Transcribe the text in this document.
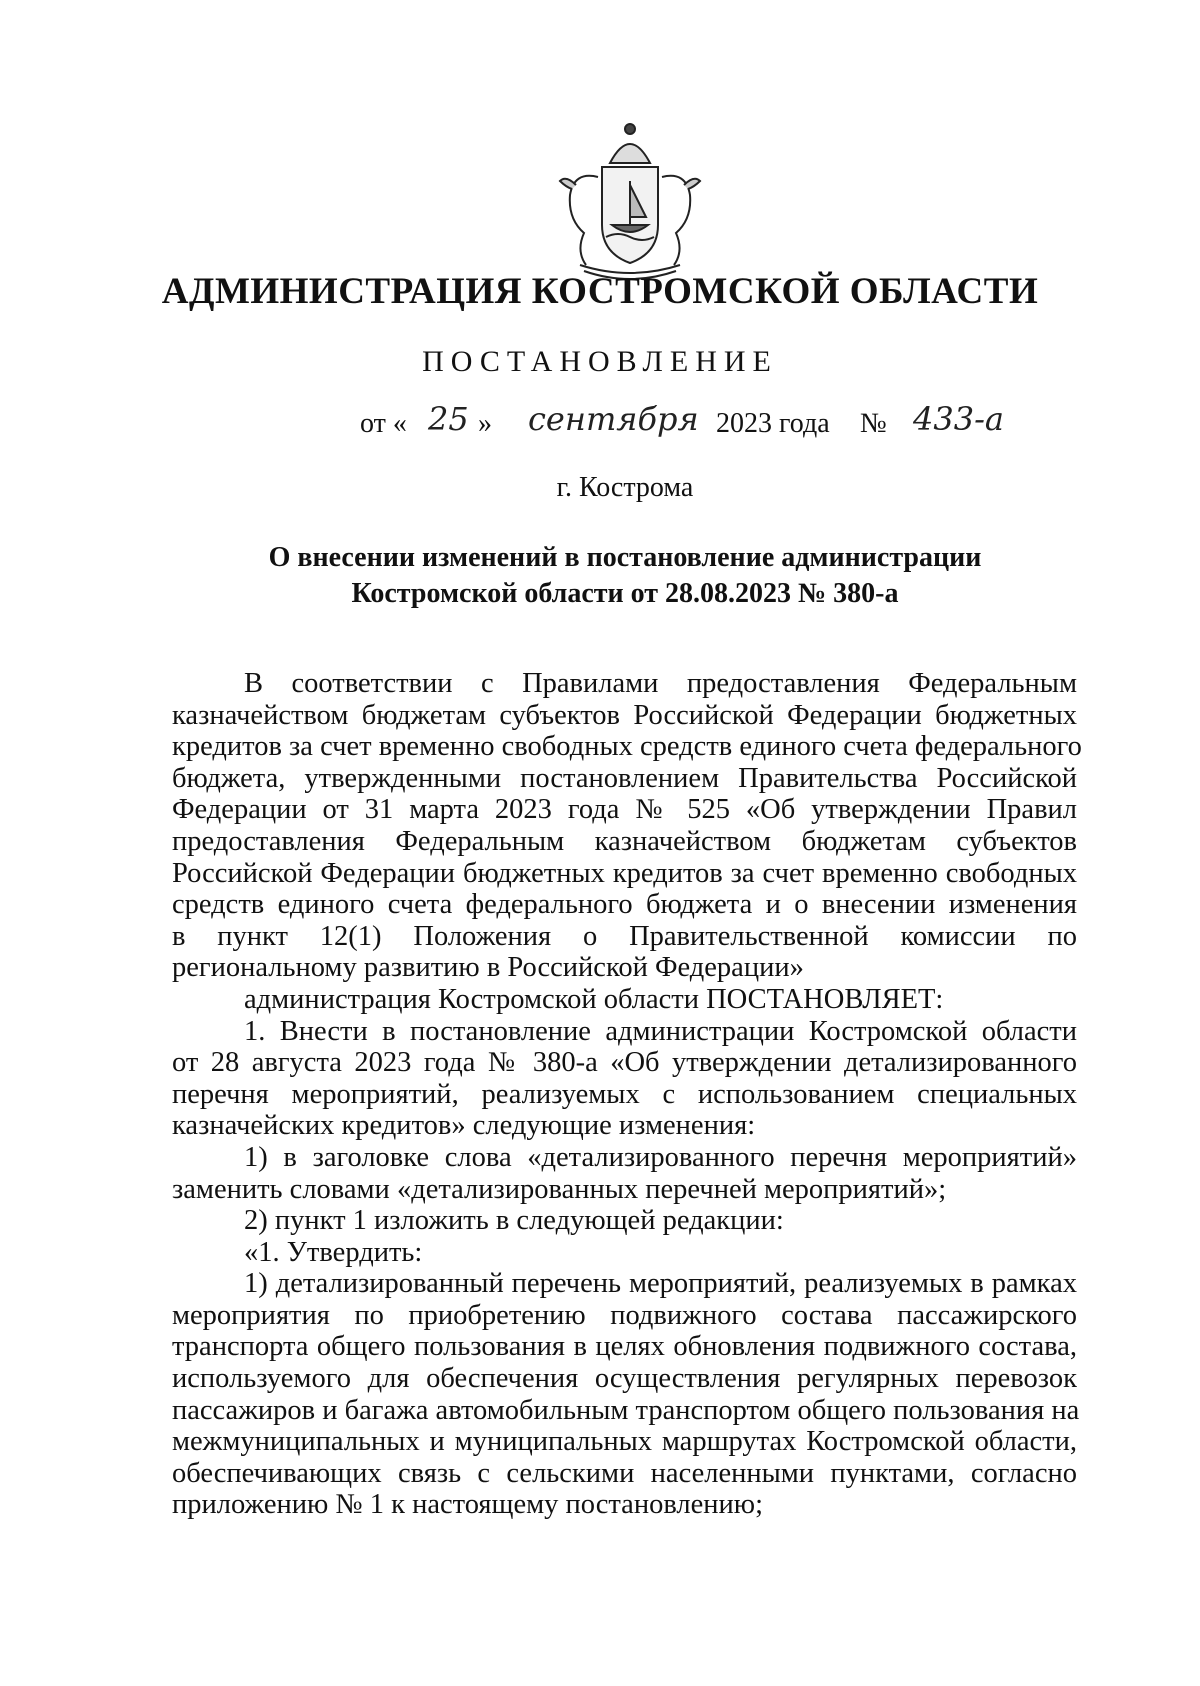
АДМИНИСТРАЦИЯ КОСТРОМСКОЙ ОБЛАСТИ
ПОСТАНОВЛЕНИЕ
от « 25 » сентября 2023 года № 433-а
г. Кострома
О внесении изменений в постановление администрации
Костромской области от 28.08.2023 № 380-а
В соответствии с Правилами предоставления Федеральным
казначейством бюджетам субъектов Российской Федерации бюджетных
кредитов за счет временно свободных средств единого счета федерального
бюджета, утвержденными постановлением Правительства Российской
Федерации от 31 марта 2023 года № 525 «Об утверждении Правил
предоставления Федеральным казначейством бюджетам субъектов
Российской Федерации бюджетных кредитов за счет временно свободных
средств единого счета федерального бюджета и о внесении изменения
в пункт 12(1) Положения о Правительственной комиссии по
региональному развитию в Российской Федерации»
администрация Костромской области ПОСТАНОВЛЯЕТ:
1. Внести в постановление администрации Костромской области
от 28 августа 2023 года № 380-а «Об утверждении детализированного
перечня мероприятий, реализуемых с использованием специальных
казначейских кредитов» следующие изменения:
1) в заголовке слова «детализированного перечня мероприятий»
заменить словами «детализированных перечней мероприятий»;
2) пункт 1 изложить в следующей редакции:
«1. Утвердить:
1) детализированный перечень мероприятий, реализуемых в рамках
мероприятия по приобретению подвижного состава пассажирского
транспорта общего пользования в целях обновления подвижного состава,
используемого для обеспечения осуществления регулярных перевозок
пассажиров и багажа автомобильным транспортом общего пользования на
межмуниципальных и муниципальных маршрутах Костромской области,
обеспечивающих связь с сельскими населенными пунктами, согласно
приложению № 1 к настоящему постановлению;
